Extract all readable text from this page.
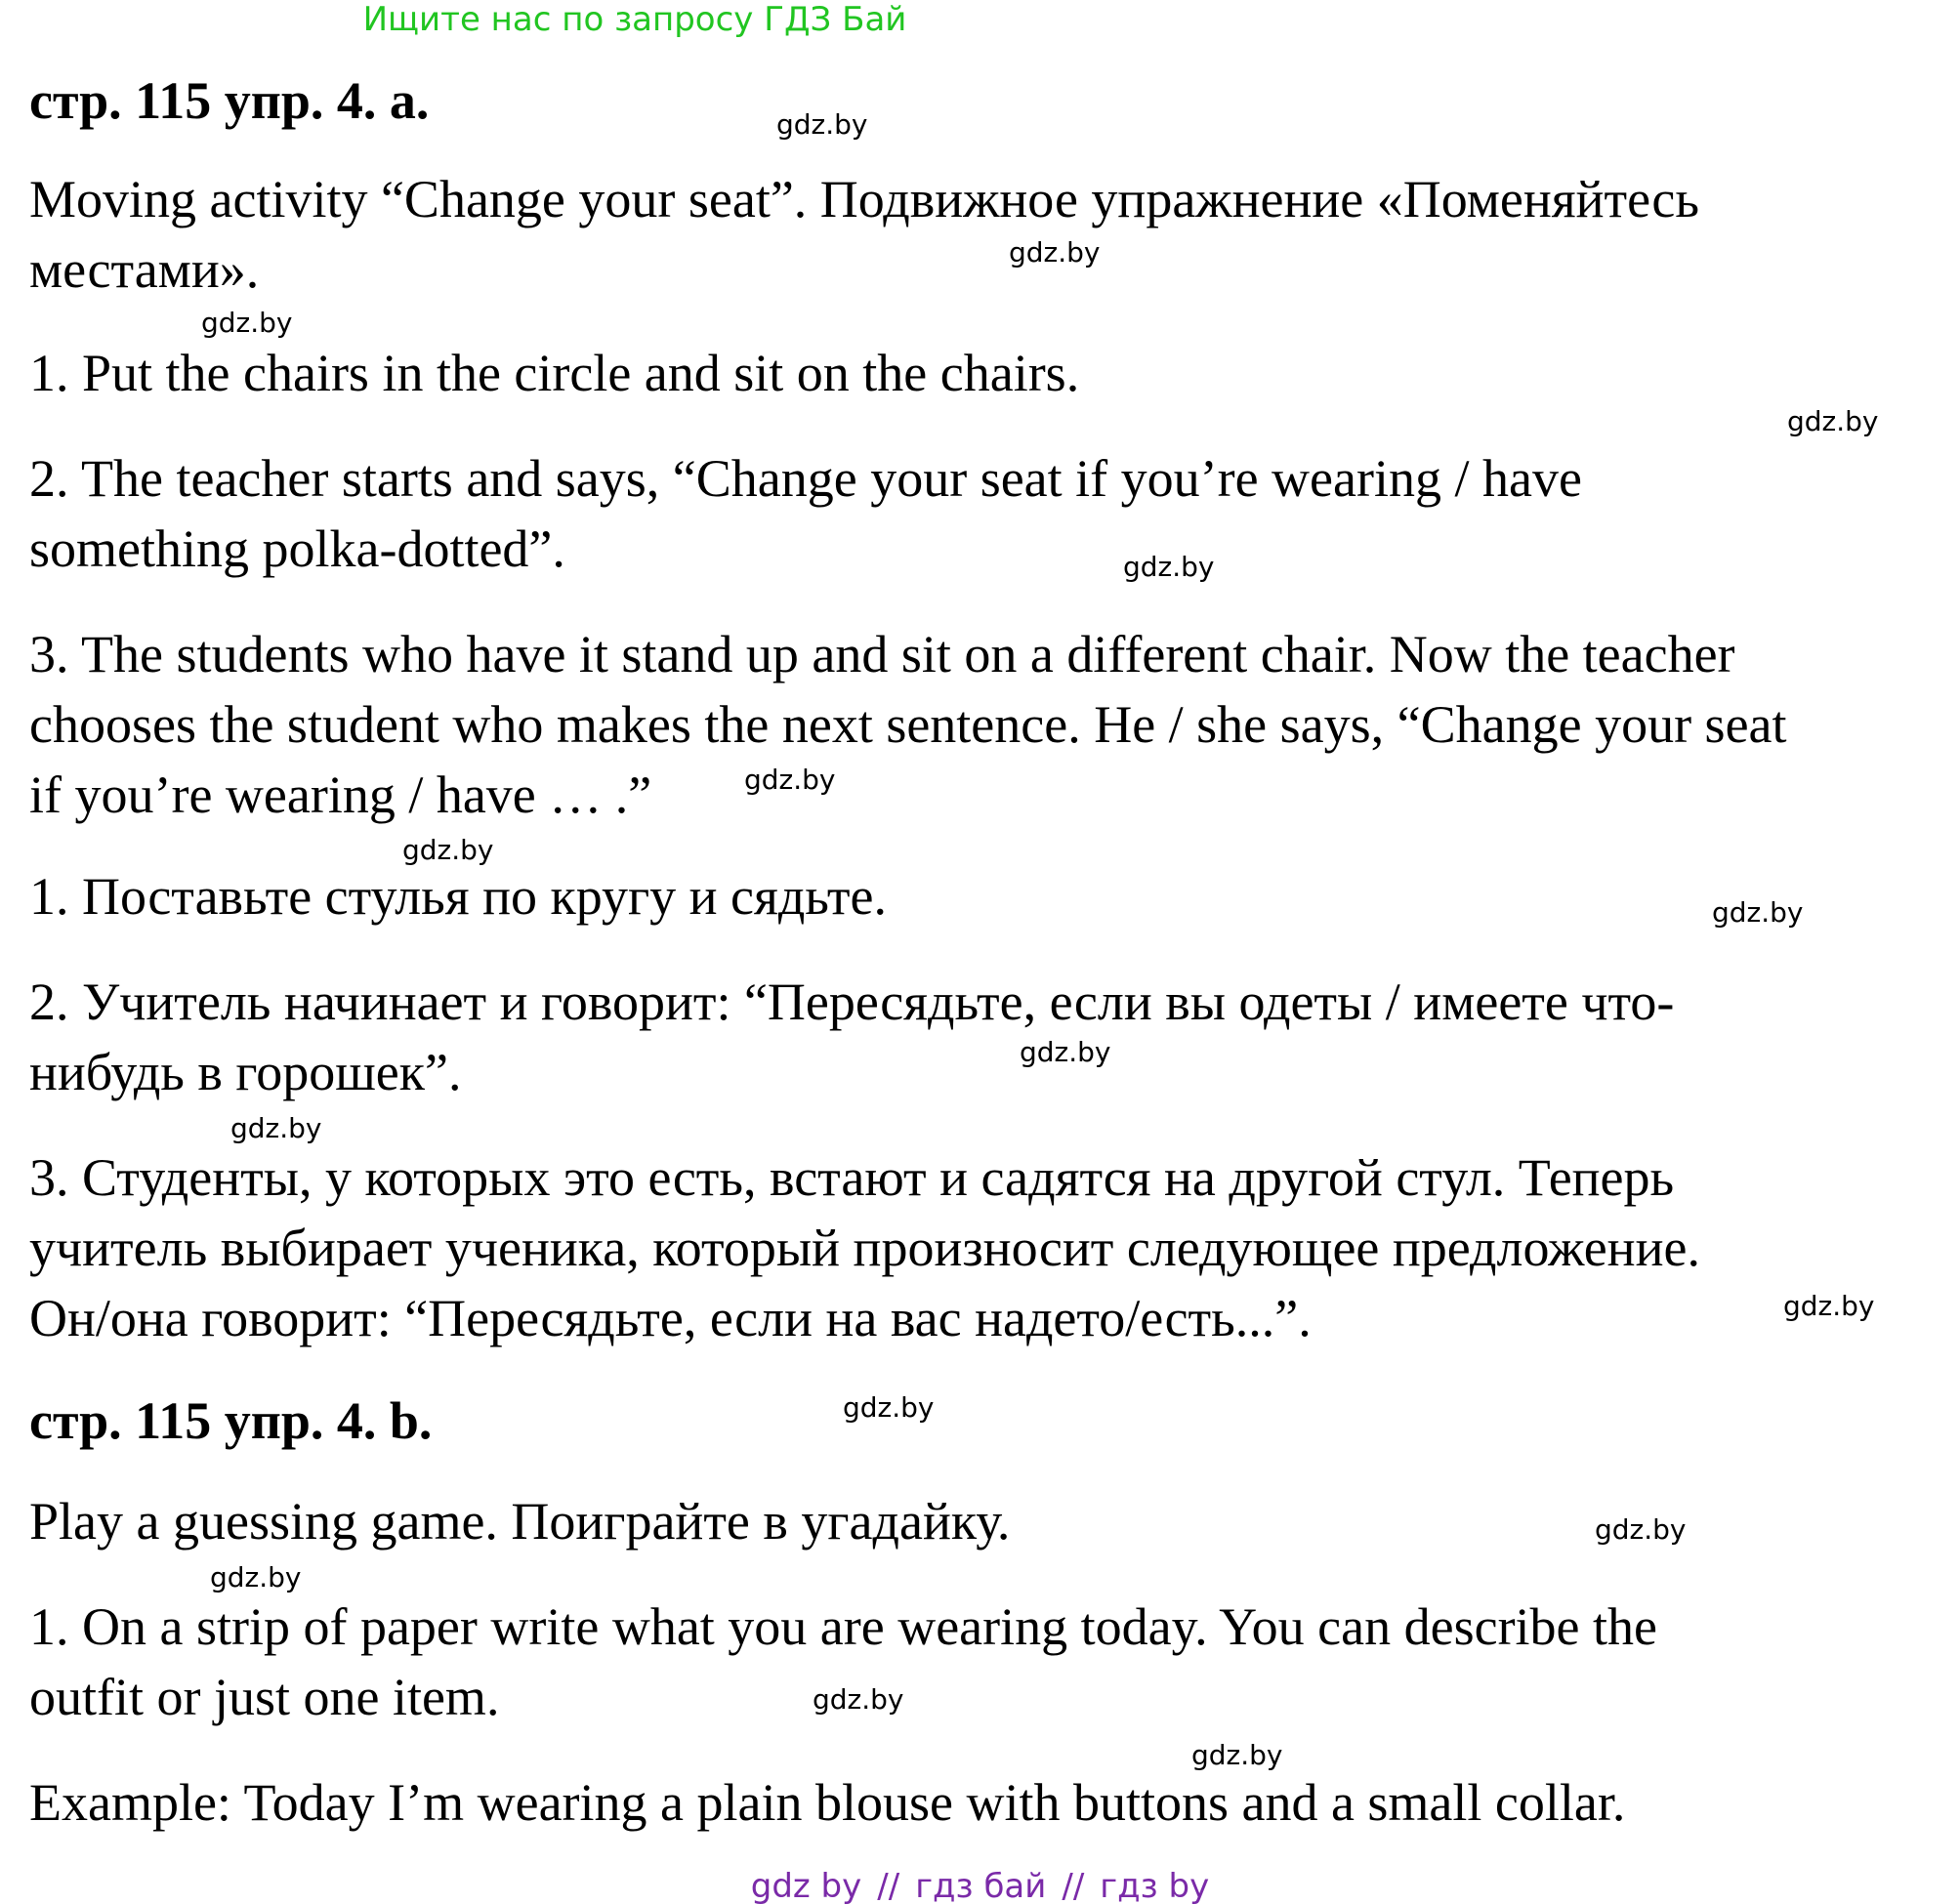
Ищите нас по запросу ГДЗ Бай
стр. 115 упр. 4. a.
Moving activity “Change your seat”. Подвижное упражнение «Поменяйтесь
местами».
1. Put the chairs in the circle and sit on the chairs.
2. The teacher starts and says, “Change your seat if you’re wearing / have
something polka-dotted”.
3. The students who have it stand up and sit on a different chair. Now the teacher
chooses the student who makes the next sentence. He / she says, “Change your seat
if you’re wearing / have … .”
1. Поставьте стулья по кругу и сядьте.
2. Учитель начинает и говорит: “Пересядьте, если вы одеты / имеете что-
нибудь в горошек”.
3. Студенты, у которых это есть, встают и садятся на другой стул. Теперь
учитель выбирает ученика, который произносит следующее предложение.
Он/она говорит: “Пересядьте, если на вас надето/есть...”.
стр. 115 упр. 4. b.
Play a guessing game. Поиграйте в угадайку.
1. On a strip of paper write what you are wearing today. You can describe the
outfit or just one item.
Example: Today I’m wearing a plain blouse with buttons and a small collar.
gdz.by
gdz.by
gdz.by
gdz.by
gdz.by
gdz.by
gdz.by
gdz.by
gdz.by
gdz.by
gdz.by
gdz.by
gdz.by
gdz.by
gdz.by
gdz.by
gdz by // гдз бай // гдз by
